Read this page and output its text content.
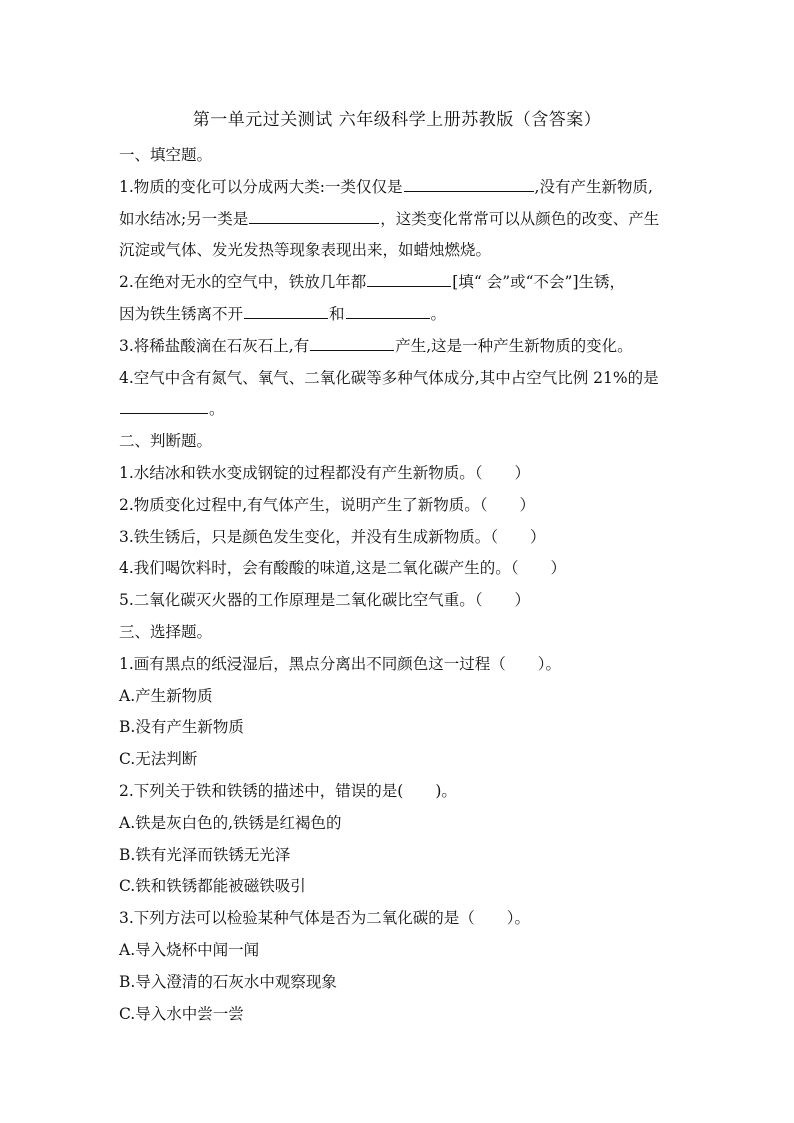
第一单元过关测试 六年级科学上册苏教版（含答案）
一、填空题。
1.物质的变化可以分成两大类:一类仅仅是	,没有产生新物质,
如水结冰;另一类是	，这类变化常常可以从颜色的改变、产生
沉淀或气体、发光发热等现象表现出来，如蜡烛燃烧。
2.在绝对无水的空气中，铁放几年都	[填“ 会”或“不会”]生锈，
因为铁生锈离不开	和	。
3.将稀盐酸滴在石灰石上,有	产生,这是一种产生新物质的变化。
4.空气中含有氮气、氧气、二氧化碳等多种气体成分,其中占空气比例 21%的是
。
二、判断题。
1.水结冰和铁水变成钢锭的过程都没有产生新物质。（ ）
2.物质变化过程中,有气体产生，说明产生了新物质。（ ）
3.铁生锈后，只是颜色发生变化，并没有生成新物质。（ ）
4.我们喝饮料时，会有酸酸的味道,这是二氧化碳产生的。（ ）
5.二氧化碳灭火器的工作原理是二氧化碳比空气重。（ ）
三、选择题。
1.画有黑点的纸浸湿后，黑点分离出不同颜色这一过程（ ）。
A.产生新物质
B.没有产生新物质
C.无法判断
2.下列关于铁和铁锈的描述中，错误的是( )。
A.铁是灰白色的,铁锈是红褐色的
B.铁有光泽而铁锈无光泽
C.铁和铁锈都能被磁铁吸引
3.下列方法可以检验某种气体是否为二氧化碳的是（ ）。
A.导入烧杯中闻一闻
B.导入澄清的石灰水中观察现象
C.导入水中尝一尝
